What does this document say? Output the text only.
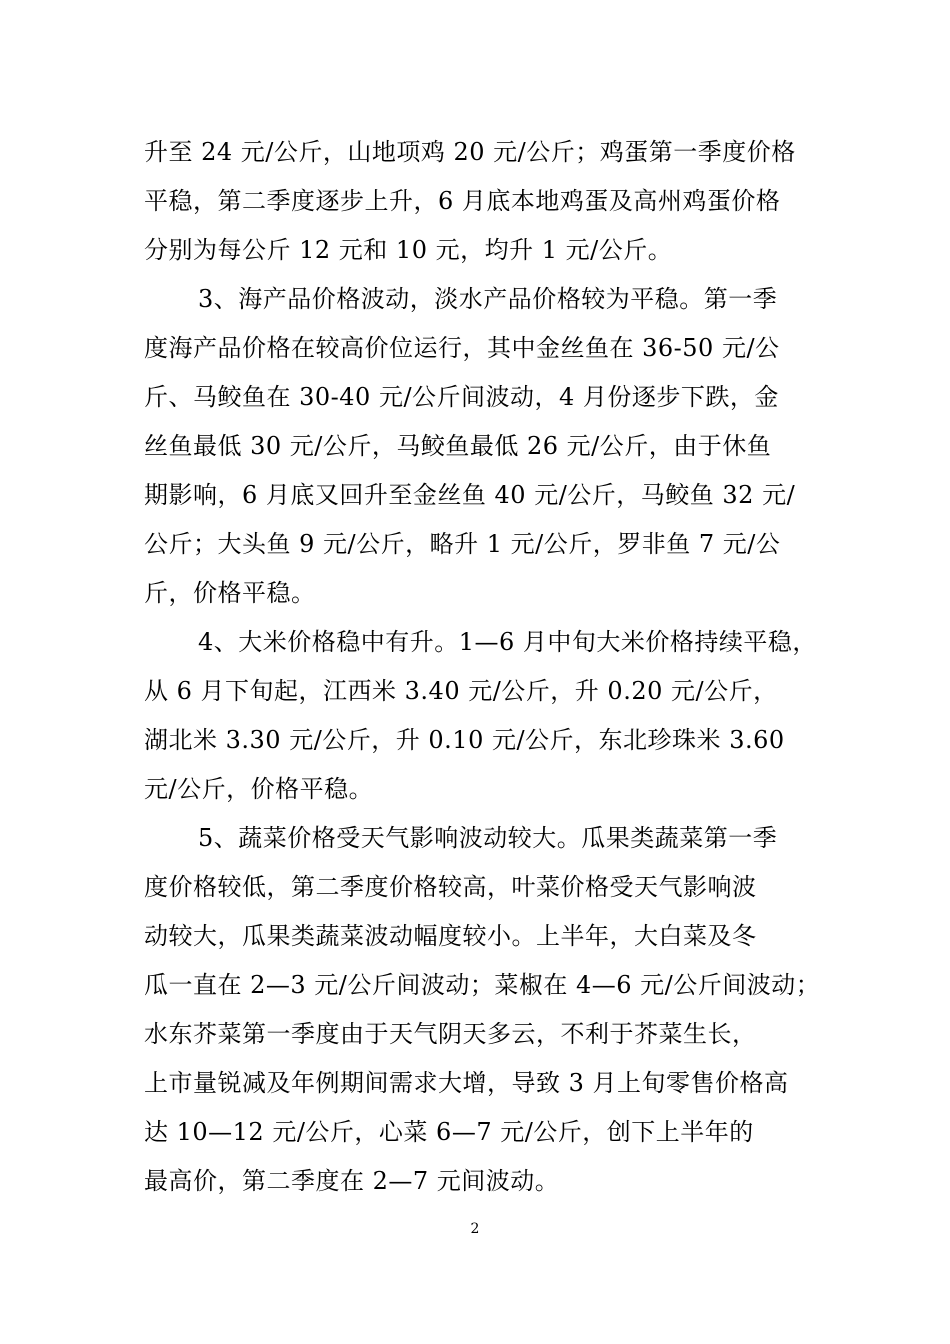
升至 24 元/公斤，山地项鸡 20 元/公斤；鸡蛋第一季度价格
平稳，第二季度逐步上升，6 月底本地鸡蛋及高州鸡蛋价格
分别为每公斤 12 元和 10 元，均升 1 元/公斤。
3、海产品价格波动，淡水产品价格较为平稳。第一季
度海产品价格在较高价位运行，其中金丝鱼在 36-50 元/公
斤、马鲛鱼在 30-40 元/公斤间波动，4 月份逐步下跌，金
丝鱼最低 30 元/公斤，马鲛鱼最低 26 元/公斤，由于休鱼
期影响，6 月底又回升至金丝鱼 40 元/公斤，马鲛鱼 32 元/
公斤；大头鱼 9 元/公斤，略升 1 元/公斤，罗非鱼 7 元/公
斤，价格平稳。
4、大米价格稳中有升。1—6 月中旬大米价格持续平稳，
从 6 月下旬起，江西米 3.40 元/公斤，升 0.20 元/公斤，
湖北米 3.30 元/公斤，升 0.10 元/公斤，东北珍珠米 3.60
元/公斤，价格平稳。
5、蔬菜价格受天气影响波动较大。瓜果类蔬菜第一季
度价格较低，第二季度价格较高，叶菜价格受天气影响波
动较大，瓜果类蔬菜波动幅度较小。上半年，大白菜及冬
瓜一直在 2—3 元/公斤间波动；菜椒在 4—6 元/公斤间波动；
水东芥菜第一季度由于天气阴天多云，不利于芥菜生长，
上市量锐减及年例期间需求大增，导致 3 月上旬零售价格高
达 10—12 元/公斤，心菜 6—7 元/公斤，创下上半年的
最高价，第二季度在 2—7 元间波动。
2
